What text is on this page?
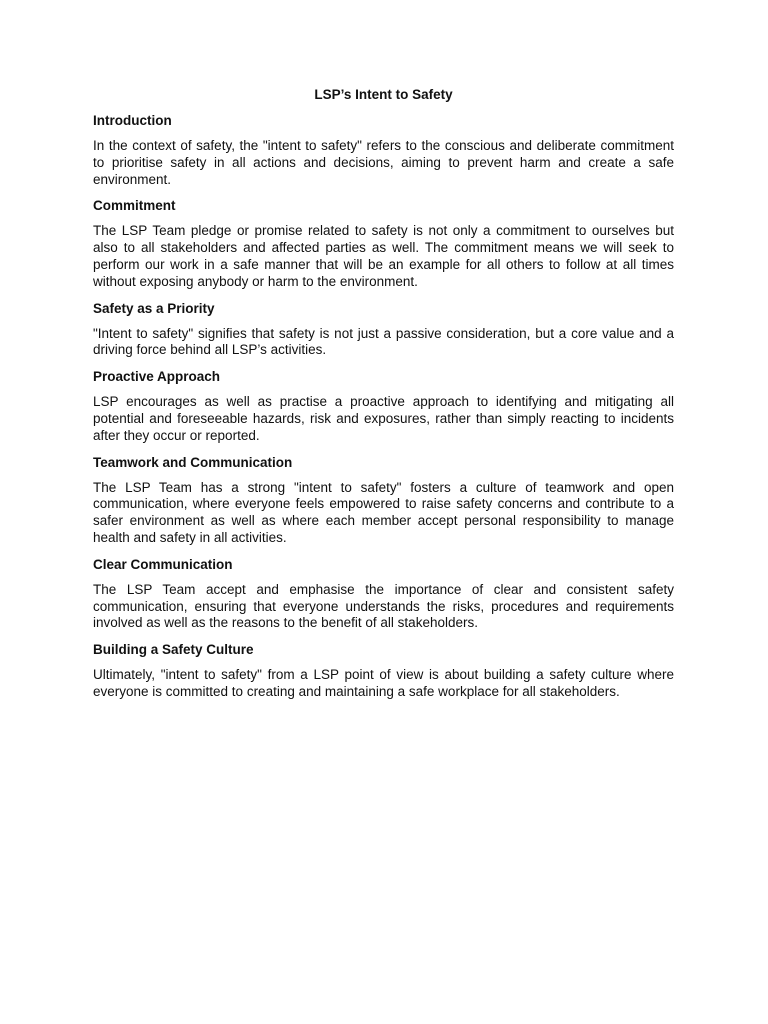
LSP’s Intent to Safety
Introduction
In the context of safety, the "intent to safety" refers to the conscious and deliberate commitment to prioritise safety in all actions and decisions, aiming to prevent harm and create a safe environment.
Commitment
The LSP Team pledge or promise related to safety is not only a commitment to ourselves but also to all stakeholders and affected parties as well. The commitment means we will seek to perform our work in a safe manner that will be an example for all others to follow at all times without exposing anybody or harm to the environment.
Safety as a Priority
"Intent to safety" signifies that safety is not just a passive consideration, but a core value and a driving force behind all LSP’s activities.
Proactive Approach
LSP encourages as well as practise a proactive approach to identifying and mitigating all potential and foreseeable hazards, risk and exposures, rather than simply reacting to incidents after they occur or reported.
Teamwork and Communication
The LSP Team has a strong "intent to safety" fosters a culture of teamwork and open communication, where everyone feels empowered to raise safety concerns and contribute to a safer environment as well as where each member accept personal responsibility to manage health and safety in all activities.
Clear Communication
The LSP Team accept and emphasise the importance of clear and consistent safety communication, ensuring that everyone understands the risks, procedures and requirements involved as well as the reasons to the benefit of all stakeholders.
Building a Safety Culture
Ultimately, "intent to safety" from a LSP point of view is about building a safety culture where everyone is committed to creating and maintaining a safe workplace for all stakeholders.
